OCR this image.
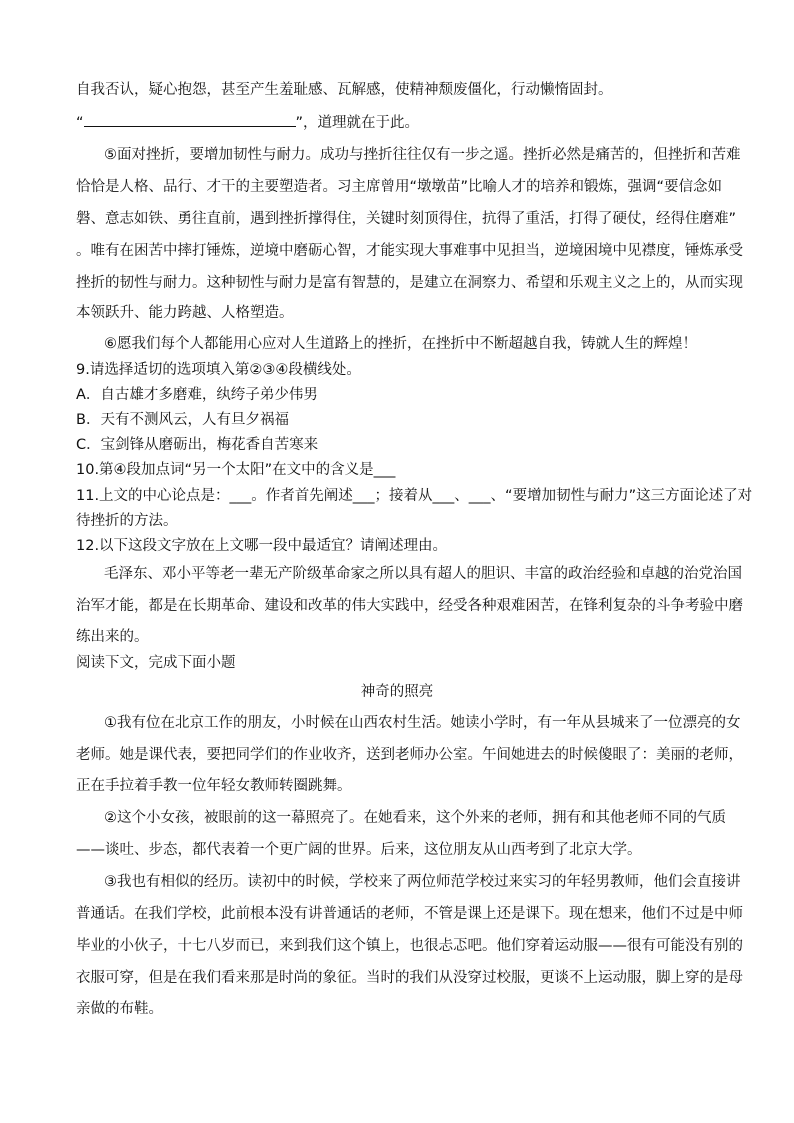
自我否认，疑心抱怨，甚至产生羞耻感、瓦解感，使精神颓废僵化，行动懒惰固封。
“	”，道理就在于此。
⑤面对挫折，要增加韧性与耐力。成功与挫折往往仅有一步之遥。挫折必然是痛苦的，但挫折和苦难
恰恰是人格、品行、才干的主要塑造者。习主席曾用“墩墩苗”比喻人才的培养和锻炼，强调“要信念如
磐、意志如铁、勇往直前，遇到挫折撑得住，关键时刻顶得住，抗得了重活，打得了硬仗，经得住磨难”
。唯有在困苦中摔打锤炼，逆境中磨砺心智，才能实现大事难事中见担当，逆境困境中见襟度，锤炼承受
挫折的韧性与耐力。这种韧性与耐力是富有智慧的，是建立在洞察力、希望和乐观主义之上的，从而实现
本领跃升、能力跨越、人格塑造。
⑥愿我们每个人都能用心应对人生道路上的挫折，在挫折中不断超越自我，铸就人生的辉煌！
9.请选择适切的选项填入第②③④段横线处。
A．自古雄才多磨难，纨绔子弟少伟男
B．天有不测风云，人有旦夕祸福
C．宝剑锋从磨砺出，梅花香自苦寒来
10.第④段加点词“另一个太阳”在文中的含义是___
11.上文的中心论点是：___。作者首先阐述___；接着从___、___、“要增加韧性与耐力”这三方面论述了对
待挫折的方法。
12.以下这段文字放在上文哪一段中最适宜？请阐述理由。
毛泽东、邓小平等老一辈无产阶级革命家之所以具有超人的胆识、丰富的政治经验和卓越的治党治国
治军才能，都是在长期革命、建设和改革的伟大实践中，经受各种艰难困苦，在锋利复杂的斗争考验中磨
练出来的。
阅读下文，完成下面小题
神奇的照亮
①我有位在北京工作的朋友，小时候在山西农村生活。她读小学时，有一年从县城来了一位漂亮的女
老师。她是课代表，要把同学们的作业收齐，送到老师办公室。午间她进去的时候傻眼了：美丽的老师，
正在手拉着手教一位年轻女教师转圈跳舞。
②这个小女孩，被眼前的这一幕照亮了。在她看来，这个外来的老师，拥有和其他老师不同的气质
——谈吐、步态，都代表着一个更广阔的世界。后来，这位朋友从山西考到了北京大学。
③我也有相似的经历。读初中的时候，学校来了两位师范学校过来实习的年轻男教师，他们会直接讲
普通话。在我们学校，此前根本没有讲普通话的老师，不管是课上还是课下。现在想来，他们不过是中师
毕业的小伙子，十七八岁而已，来到我们这个镇上，也很忐忑吧。他们穿着运动服——很有可能没有别的
衣服可穿，但是在我们看来那是时尚的象征。当时的我们从没穿过校服，更谈不上运动服，脚上穿的是母
亲做的布鞋。
